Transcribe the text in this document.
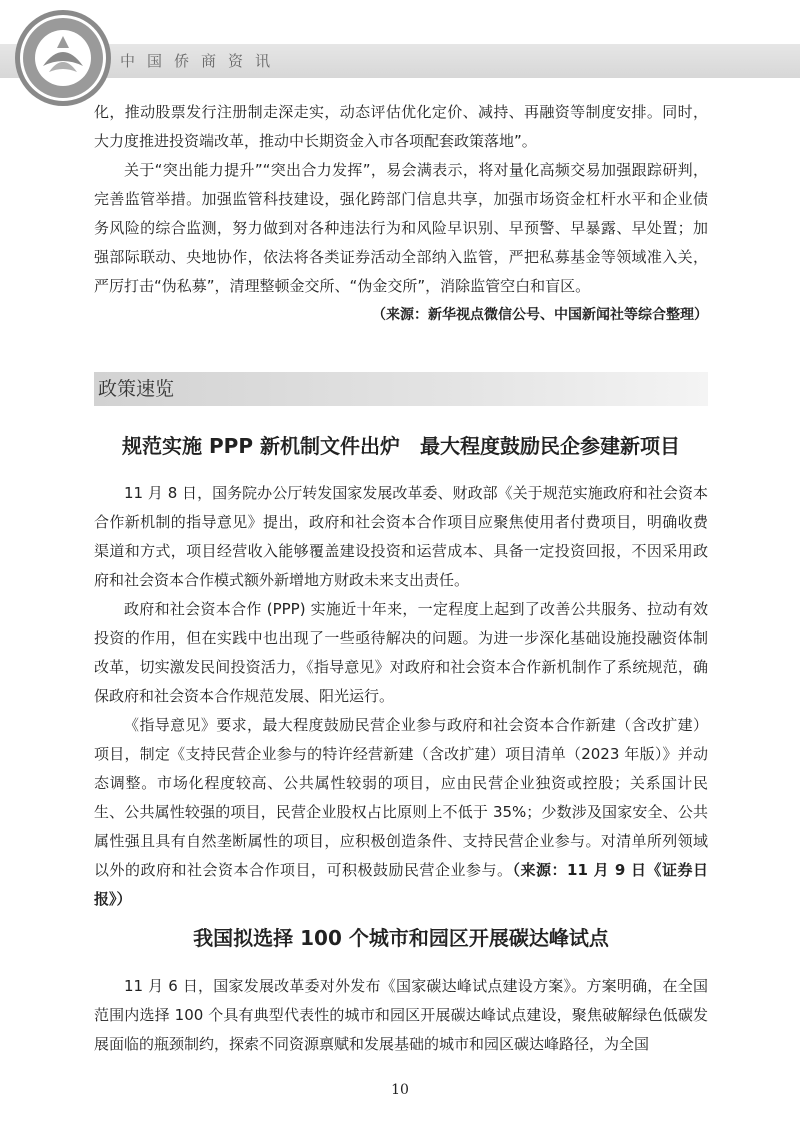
中国侨商资讯

化，推动股票发行注册制走深走实，动态评估优化定价、减持、再融资等制度安排。同时，大力度推进投资端改革，推动中长期资金入市各项配套政策落地”。

关于“突出能力提升”“突出合力发挥”，易会满表示，将对量化高频交易加强跟踪研判，完善监管举措。加强监管科技建设，强化跨部门信息共享，加强市场资金杠杆水平和企业债务风险的综合监测，努力做到对各种违法行为和风险早识别、早预警、早暴露、早处置；加强部际联动、央地协作，依法将各类证券活动全部纳入监管，严把私募基金等领域准入关，严厉打击“伪私募”，清理整顿金交所、“伪金交所”，消除监管空白和盲区。

（来源：新华视点微信公号、中国新闻社等综合整理）

政策速览
规范实施 PPP 新机制文件出炉　最大程度鼓励民企参建新项目

11 月 8 日，国务院办公厅转发国家发展改革委、财政部《关于规范实施政府和社会资本合作新机制的指导意见》提出，政府和社会资本合作项目应聚焦使用者付费项目，明确收费渠道和方式，项目经营收入能够覆盖建设投资和运营成本、具备一定投资回报，不因采用政府和社会资本合作模式额外新增地方财政未来支出责任。

政府和社会资本合作 (PPP) 实施近十年来，一定程度上起到了改善公共服务、拉动有效投资的作用，但在实践中也出现了一些亟待解决的问题。为进一步深化基础设施投融资体制改革，切实激发民间投资活力，《指导意见》对政府和社会资本合作新机制作了系统规范，确保政府和社会资本合作规范发展、阳光运行。

《指导意见》要求，最大程度鼓励民营企业参与政府和社会资本合作新建（含改扩建）项目，制定《支持民营企业参与的特许经营新建（含改扩建）项目清单（2023 年版）》并动态调整。市场化程度较高、公共属性较弱的项目，应由民营企业独资或控股；关系国计民生、公共属性较强的项目，民营企业股权占比原则上不低于 35%；少数涉及国家安全、公共属性强且具有自然垄断属性的项目，应积极创造条件、支持民营企业参与。对清单所列领域以外的政府和社会资本合作项目，可积极鼓励民营企业参与。（来源：11 月 9 日《证券日报》）

我国拟选择 100 个城市和园区开展碳达峰试点

11 月 6 日，国家发展改革委对外发布《国家碳达峰试点建设方案》。方案明确，在全国范围内选择 100 个具有典型代表性的城市和园区开展碳达峰试点建设，聚焦破解绿色低碳发展面临的瓶颈制约，探索不同资源禀赋和发展基础的城市和园区碳达峰路径，为全国

10
